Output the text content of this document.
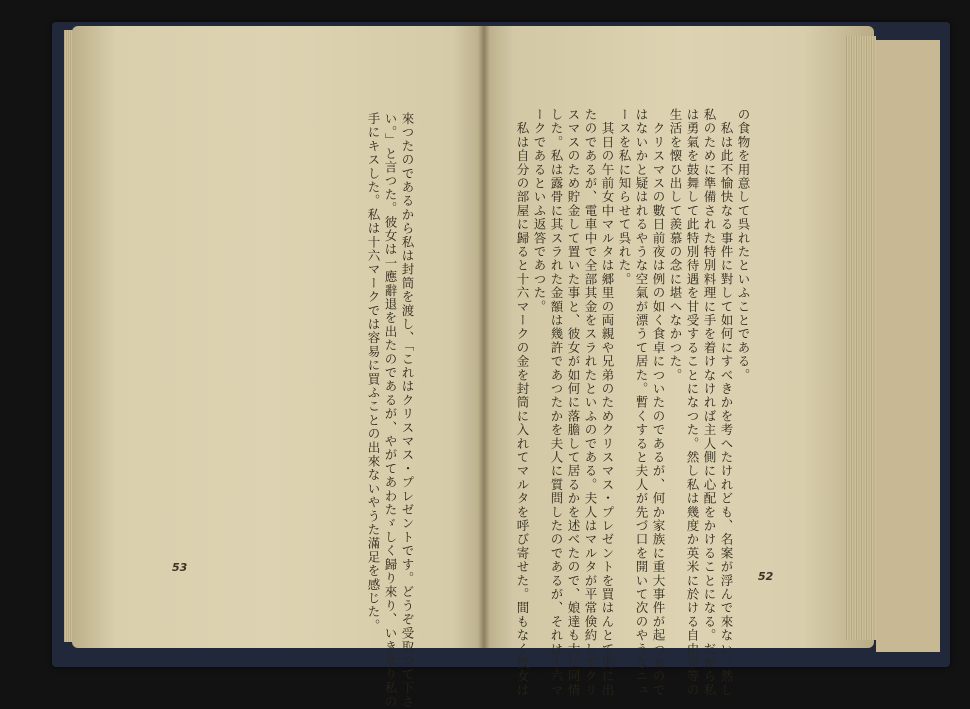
來つたのであるから私は封筒を渡し、「これはクリスマス・プレゼントです。どうぞ受取つて下さ
い。」と言つた。彼女は一應辭退を出たのであるが、やがてあわたゞしく歸り來り、いきなり私の
手にキスした。私は十六マークでは容易に買ふことの出來ないやうた滿足を感じた。
53
の食物を用意して呉れたといふことである。
　私は此不愉快なる事件に對して如何にすべきかを考へたけれども、名案が浮んで來ない。然し
私のために準備された特別料理に手を着けなければ主人側に心配をかけることになる。だから私
は勇氣を鼓舞して此特別待遇を甘受することになつた。然し私は幾度か英米に於ける自由平等の
生活を懐ひ出して羨慕の念に堪へなかつた。
　クリスマスの數日前夜は例の如く食卓についたのであるが、何か家族に重大事件が起つたので
はないかと疑はれるやうな空氣が漂うて居た。暫くすると夫人が先づ口を開いて次のやうなニュ
ースを私に知らせて呉れた。
　其日の午前女中マルタは郷里の両親や兄弟のためクリスマス・プレゼントを買はんとて街に出
たのであるが、電車中で全部其金をスラれたといふのである。夫人はマルタが平常倹約してクリ
スマスのため貯金して置いた事と、彼女が如何に落膽して居るかを述べたので、娘達も大に同情
した。私は露骨に其スラれた金額は幾許であつたかを夫人に質問したのであるが、それは十六マ
ークであるといふ返答であつた。
　私は自分の部屋に歸ると十六マークの金を封筒に入れてマルタを呼び寄せた。間もなく彼女は	52
